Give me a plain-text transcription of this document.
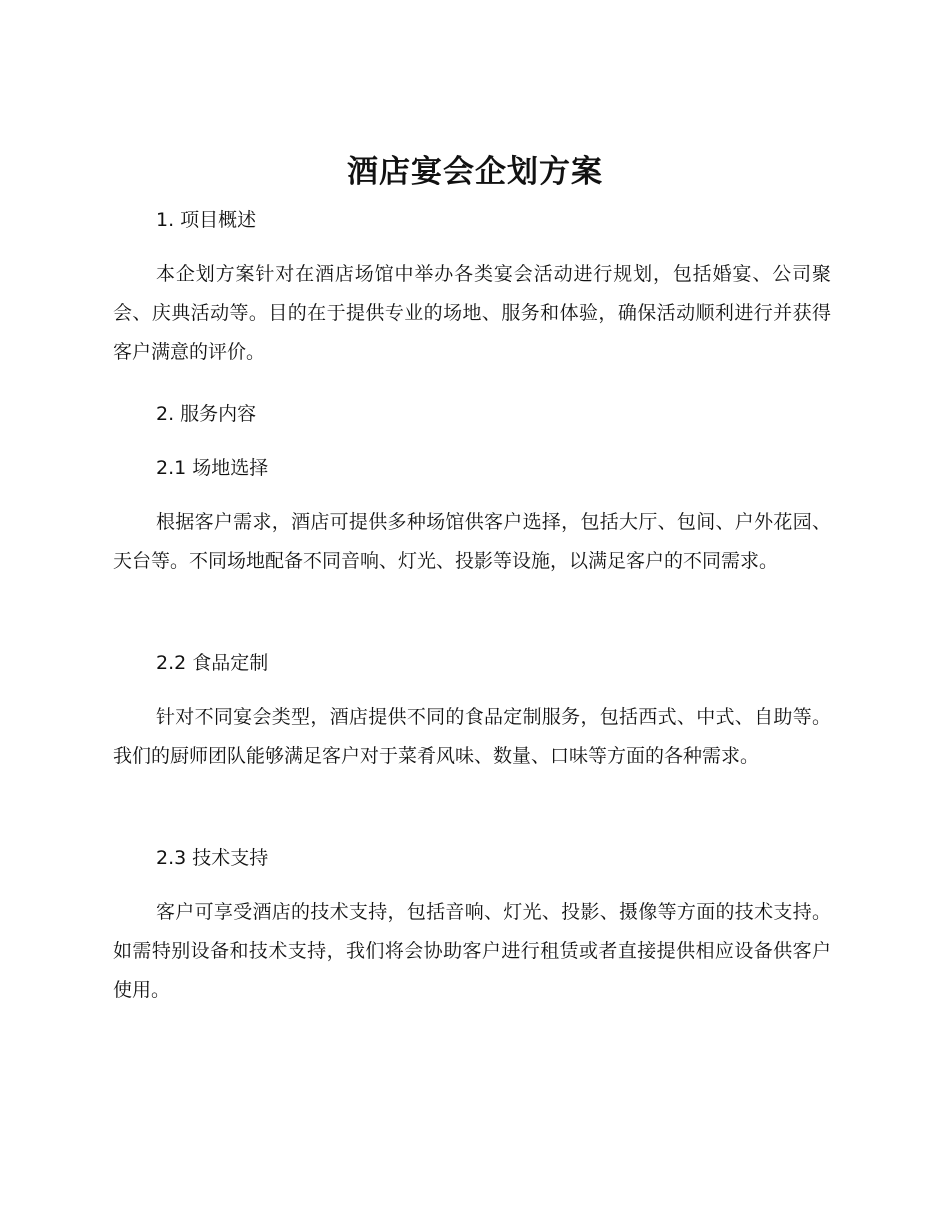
酒店宴会企划方案
1. 项目概述

本企划方案针对在酒店场馆中举办各类宴会活动进行规划，包括婚宴、公司聚会、庆典活动等。目的在于提供专业的场地、服务和体验，确保活动顺利进行并获得客户满意的评价。

2. 服务内容
2.1 场地选择

根据客户需求，酒店可提供多种场馆供客户选择，包括大厅、包间、户外花园、天台等。不同场地配备不同音响、灯光、投影等设施，以满足客户的不同需求。

2.2 食品定制

针对不同宴会类型，酒店提供不同的食品定制服务，包括西式、中式、自助等。我们的厨师团队能够满足客户对于菜肴风味、数量、口味等方面的各种需求。

2.3 技术支持

客户可享受酒店的技术支持，包括音响、灯光、投影、摄像等方面的技术支持。如需特别设备和技术支持，我们将会协助客户进行租赁或者直接提供相应设备供客户使用。
